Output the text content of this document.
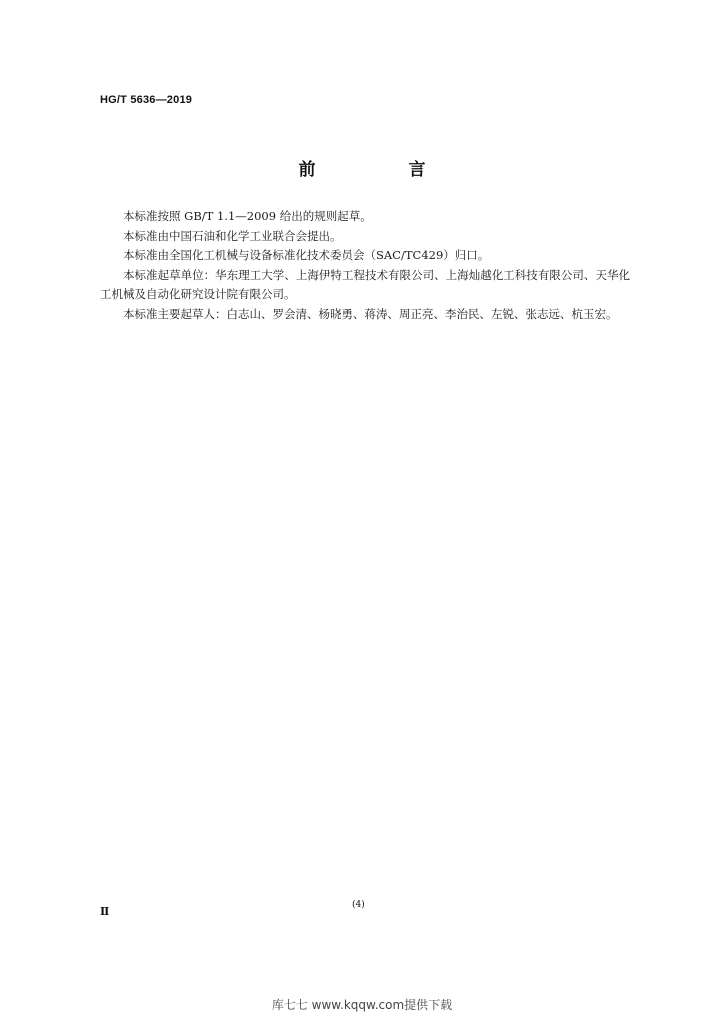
HG/T 5636—2019
前　言

本标准按照 GB/T 1.1—2009 给出的规则起草。

本标准由中国石油和化学工业联合会提出。

本标准由全国化工机械与设备标准化技术委员会（SAC/TC429）归口。

本标准起草单位：华东理工大学、上海伊特工程技术有限公司、上海灿越化工科技有限公司、天华化工机械及自动化研究设计院有限公司。

本标准主要起草人：白志山、罗会清、杨晓勇、蒋涛、周正亮、李治民、左锐、张志远、杭玉宏。

Ⅱ	(4)
库七七 www.kqqw.com提供下载
